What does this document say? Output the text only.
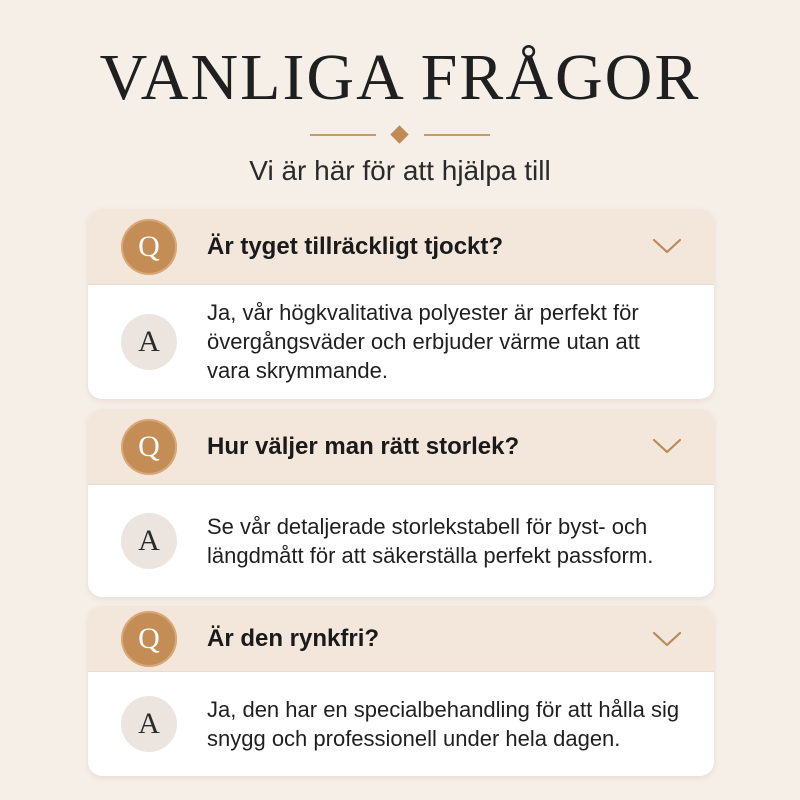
VANLIGA FRÅGOR
Vi är här för att hjälpa till
Q	Är tyget tillräckligt tjockt?
A
Ja, vår högkvalitativa polyester är perfekt för övergångsväder och erbjuder värme utan att vara skrymmande.
Q	Hur väljer man rätt storlek?
A	Se vår detaljerade storlekstabell för byst- och längdmått för att säkerställa perfekt passform.
Q	Är den rynkfri?
A	Ja, den har en specialbehandling för att hålla sig snygg och professionell under hela dagen.
